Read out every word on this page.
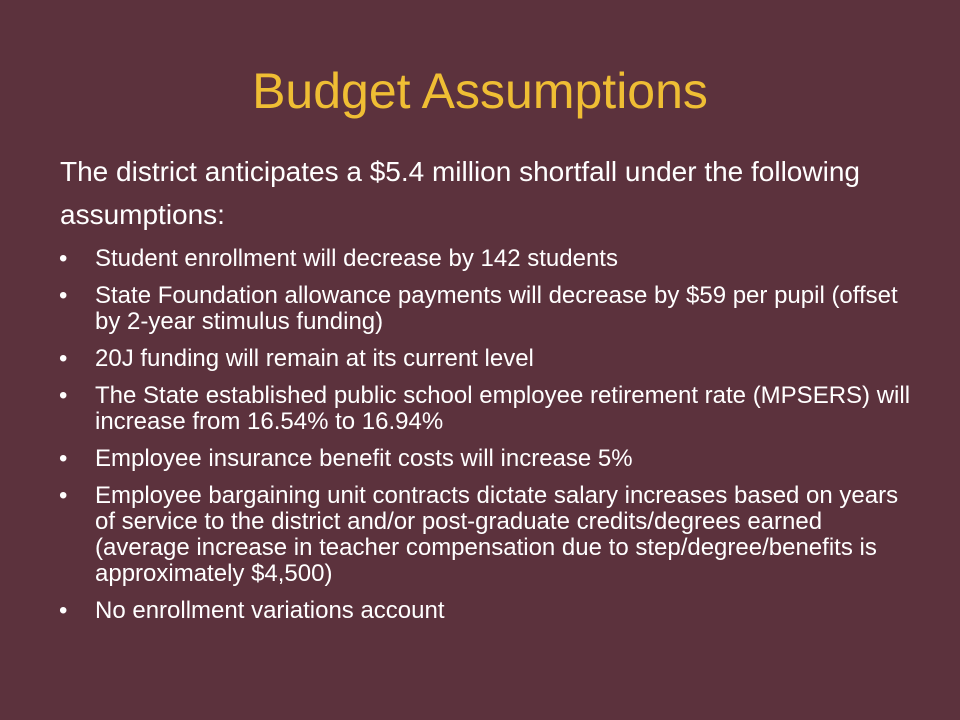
Budget Assumptions

The district anticipates a $5.4 million shortfall under the following assumptions:

•	Student enrollment will decrease by 142 students
•	State Foundation allowance payments will decrease by $59 per pupil (offset by 2-year stimulus funding)
•	20J funding will remain at its current level
•	The State established public school employee retirement rate (MPSERS) will increase from 16.54% to 16.94%
•	Employee insurance benefit costs will increase 5%
•	Employee bargaining unit contracts dictate salary increases based on years of service to the district and/or post-graduate credits/degrees earned (average increase in teacher compensation due to step/degree/benefits is approximately $4,500)
•	No enrollment variations account
